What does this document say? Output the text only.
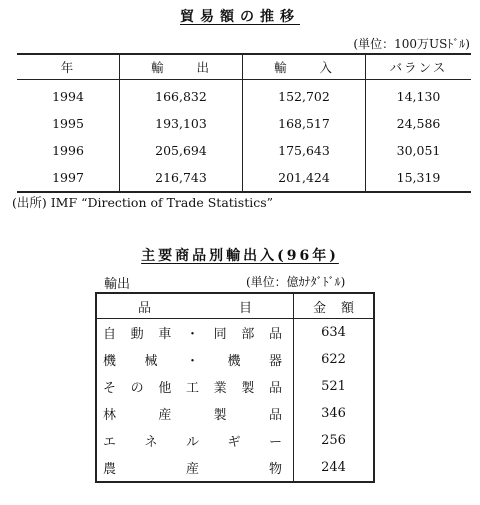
貿易額の推移
(単位：100万USﾄﾞﾙ)
年	輸 出	輸 入	バランス
1994	166,832	152,702	14,130
1995	193,103	168,517	24,586
1996	205,694	175,643	30,051
1997	216,743	201,424	15,319
(出所) IMF “Direction of Trade Statistics”
主要商品別輸出入(96年)
輸出	(単位：億ｶﾅﾀﾞﾄﾞﾙ)
品 目	金 額

自動車・同部品	634
機械・機器	622
その他工業製品	521
林産製品	346
エネルギー	256
農産物	244
